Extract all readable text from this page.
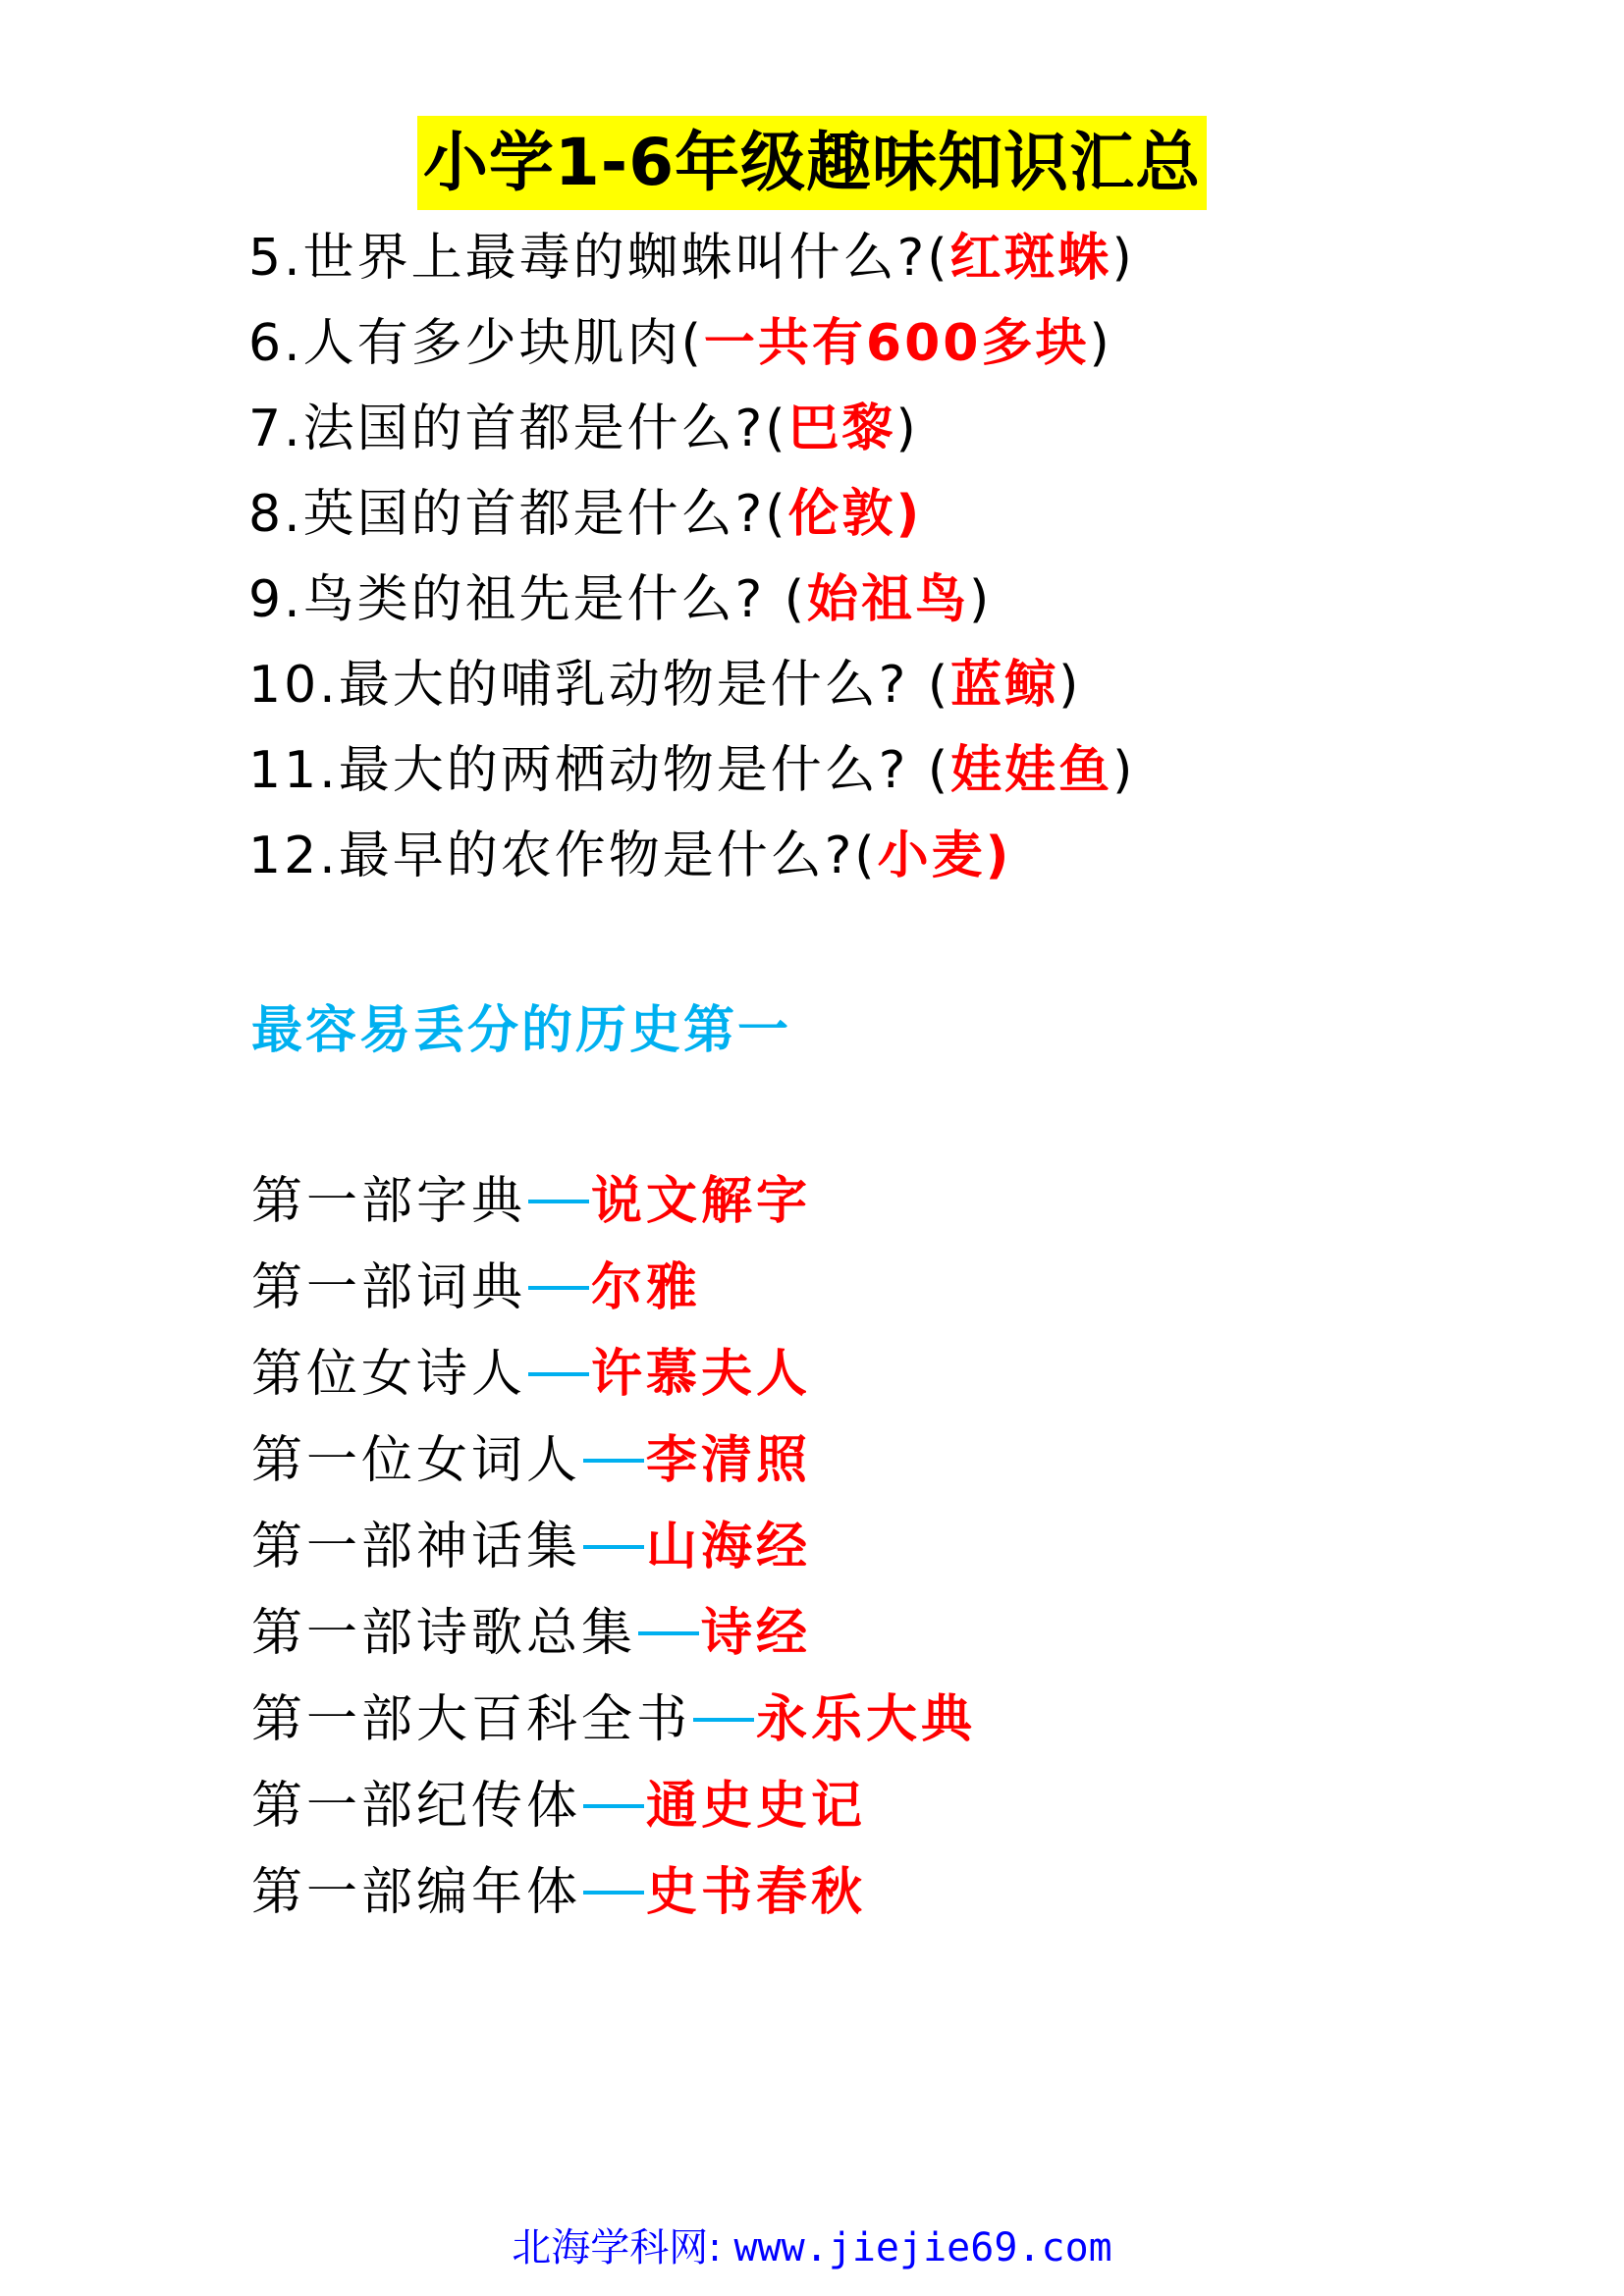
小学1-6年级趣味知识汇总
5.世界上最毒的蜘蛛叫什么?(红斑蛛)
6.人有多少块肌肉(一共有600多块)
7.法国的首都是什么?(巴黎)
8.英国的首都是什么?(伦敦)
9.鸟类的祖先是什么? (始祖鸟)
10.最大的哺乳动物是什么? (蓝鲸)
11.最大的两栖动物是什么? (娃娃鱼)
12.最早的农作物是什么?(小麦)
最容易丢分的历史第一
第一部字典 说文解字
第一部词典 尔雅
第位女诗人 许慕夫人
第一位女词人 李清照
第一部神话集 山海经
第一部诗歌总集 诗经
第一部大百科全书 永乐大典
第一部纪传体 通史史记
第一部编年体 史书春秋
北海学科网: www.jiejie69.com
